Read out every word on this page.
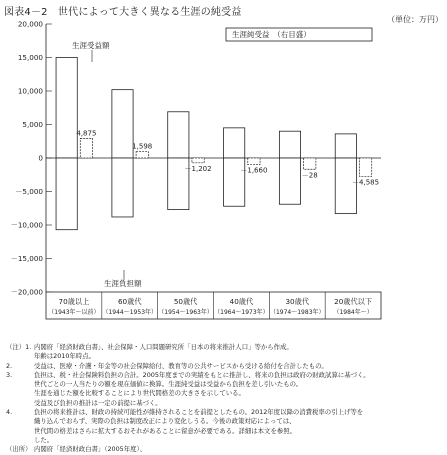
図表4－2　世代によって大きく異なる生涯の純受益
（単位：万円）
20,000
15,000
10,000
5,000
0
－5,000
－10,000
－15,000
－20,000
4,875
1,598
－1,202	－1,660
－28
－4,585
生涯純受益　（右目盛）
生涯受益額
生涯負担額
70歳以上
（1943年～以前）
60歳代
（1944～1953年）
50歳代
（1954～1963年）
40歳代
（1964～1973年）
30歳代
（1974～1983年）
20歳代以下
（1984年～）
（注）1. 内閣府「経済財政白書」、社会保障・人口問題研究所「日本の将来推計人口」等から作成。
年齢は2010年時点。
2.	受益は、医療・介護・年金等の社会保障給付、教育等の公共サービスから受ける給付を合計したもの。
3.	負担は、税・社会保険料負担の合計。2005年度までの実績をもとに推計し、将来の負担は政府の財政試算に基づく。
世代ごとの一人当たりの額を現在価値に換算。生涯純受益は受益から負担を差し引いたもの。
生涯を通じた額を比較することにより世代間格差の大きさを示している。
受益及び負担の推計は一定の前提に基づく。
4.	負担の将来推計は、財政の持続可能性が維持されることを前提としたもの。2012年度以降の消費税率の引上げ等を
織り込んでおらず、実際の負担は制度改正により変化しうる。今後の政策対応によっては、
世代間の格差はさらに拡大するおそれがあることに留意が必要である。詳細は本文を参照。
した。
（出所） 内閣府「経済財政白書」（2005年度）、
